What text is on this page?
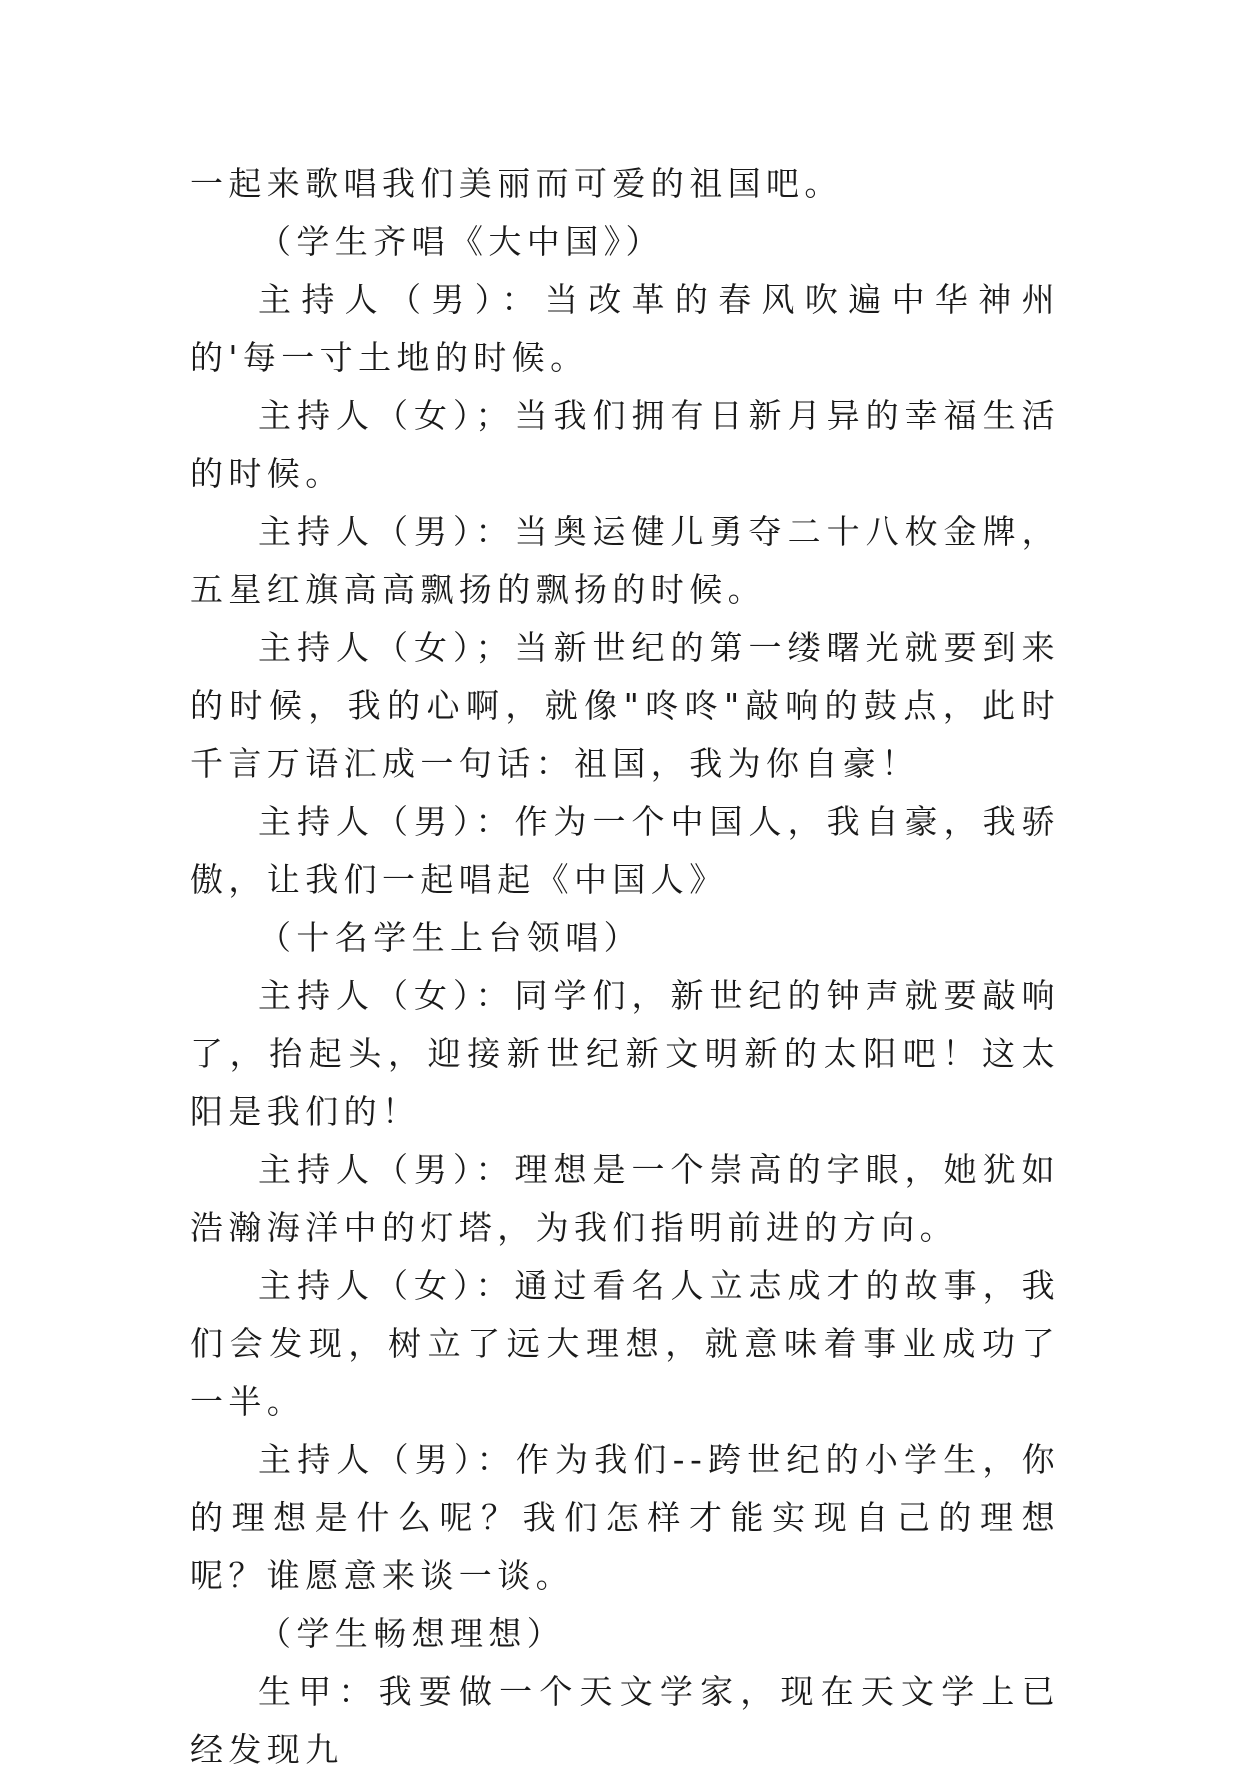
一起来歌唱我们美丽而可爱的祖国吧。

（学生齐唱《大中国》）

主持人（男）：当改革的春风吹遍中华神州的'每一寸土地的时候。

主持人（女）；当我们拥有日新月异的幸福生活的时候。

主持人（男）：当奥运健儿勇夺二十八枚金牌，五星红旗高高飘扬的飘扬的时候。

主持人（女）；当新世纪的第一缕曙光就要到来的时候，我的心啊，就像"咚咚"敲响的鼓点，此时千言万语汇成一句话：祖国，我为你自豪！

主持人（男）：作为一个中国人，我自豪，我骄傲，让我们一起唱起《中国人》

（十名学生上台领唱）

主持人（女）：同学们，新世纪的钟声就要敲响了，抬起头，迎接新世纪新文明新的太阳吧！这太阳是我们的！

主持人（男）：理想是一个崇高的字眼，她犹如浩瀚海洋中的灯塔，为我们指明前进的方向。

主持人（女）：通过看名人立志成才的故事，我们会发现，树立了远大理想，就意味着事业成功了一半。

主持人（男）：作为我们--跨世纪的小学生，你的理想是什么呢？我们怎样才能实现自己的理想呢？谁愿意来谈一谈。

（学生畅想理想）

生甲：我要做一个天文学家，现在天文学上已经发现九
